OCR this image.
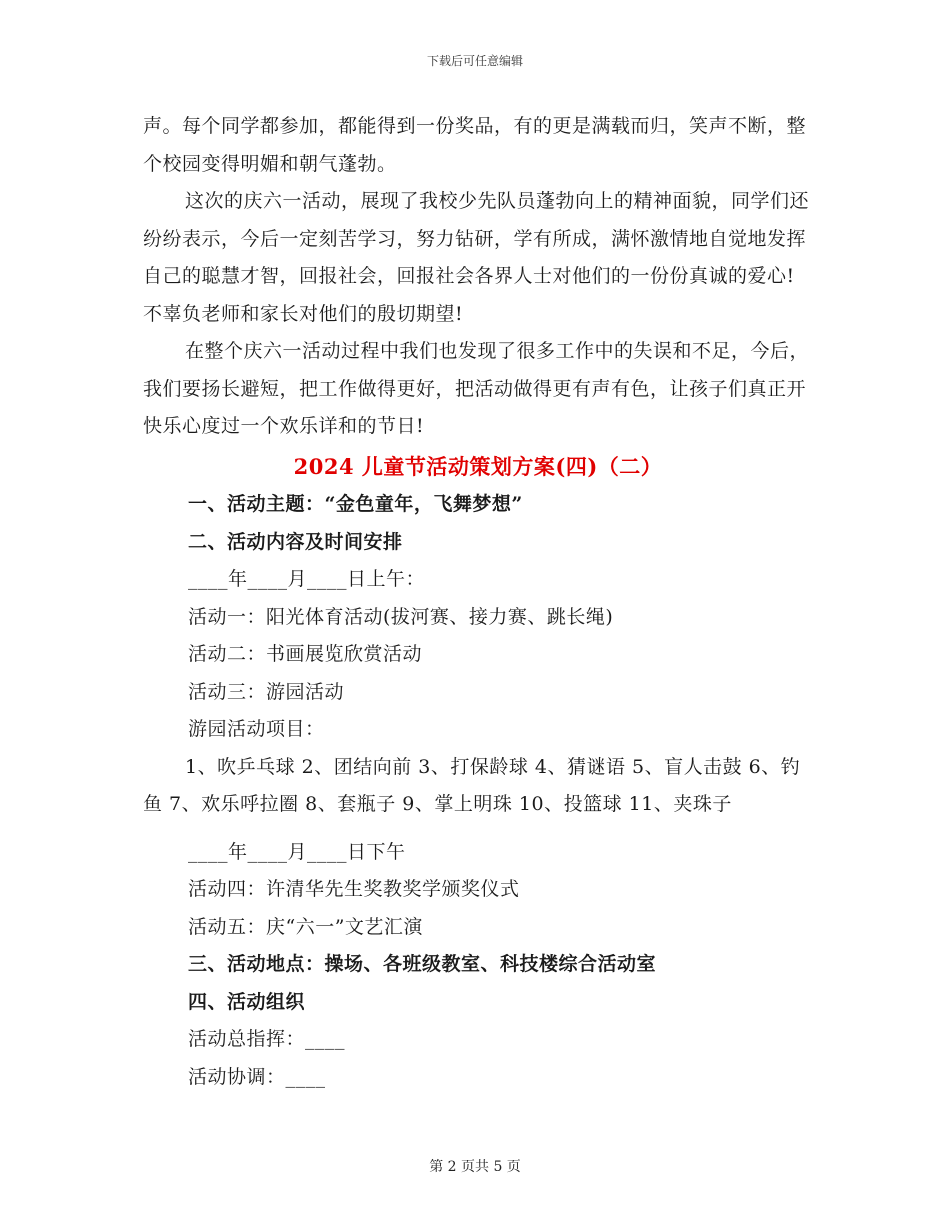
下载后可任意编辑

声。每个同学都参加，都能得到一份奖品，有的更是满载而归，笑声不断，整个校园变得明媚和朝气蓬勃。

这次的庆六一活动，展现了我校少先队员蓬勃向上的精神面貌，同学们还纷纷表示，今后一定刻苦学习，努力钻研，学有所成，满怀激情地自觉地发挥自己的聪慧才智，回报社会，回报社会各界人士对他们的一份份真诚的爱心!不辜负老师和家长对他们的殷切期望!

在整个庆六一活动过程中我们也发现了很多工作中的失误和不足，今后，我们要扬长避短，把工作做得更好，把活动做得更有声有色，让孩子们真正开快乐心度过一个欢乐详和的节日!

2024 儿童节活动策划方案(四)（二）

一、活动主题：“金色童年，飞舞梦想”

二、活动内容及时间安排

____年____月____日上午：

活动一：阳光体育活动(拔河赛、接力赛、跳长绳)

活动二：书画展览欣赏活动

活动三：游园活动

游园活动项目：

1、吹乒乓球 2、团结向前 3、打保龄球 4、猜谜语 5、盲人击鼓 6、钓鱼 7、欢乐呼拉圈 8、套瓶子 9、掌上明珠 10、投篮球 11、夹珠子

____年____月____日下午

活动四：许清华先生奖教奖学颁奖仪式

活动五：庆“六一”文艺汇演

三、活动地点：操场、各班级教室、科技楼综合活动室

四、活动组织

活动总指挥：____

活动协调：____

第 2 页共 5 页
